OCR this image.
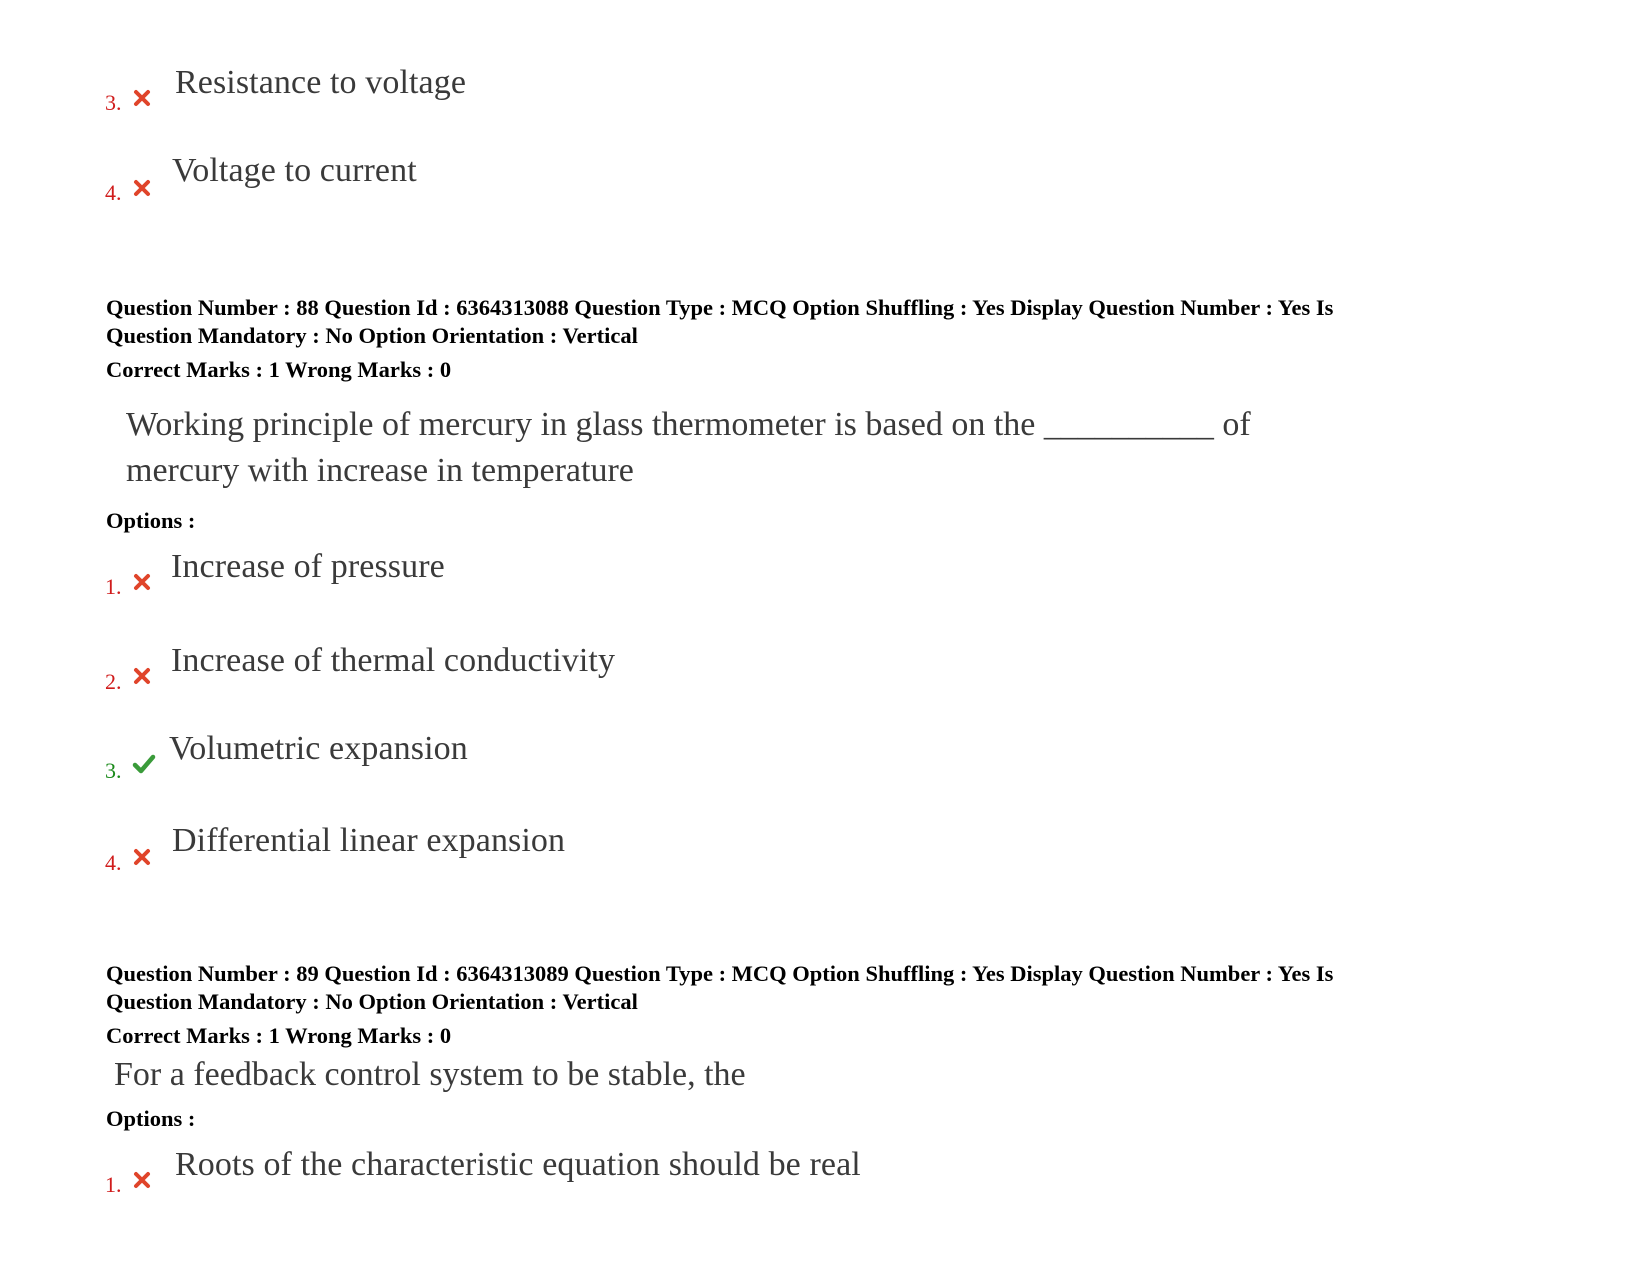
3.
Resistance to voltage
4.
Voltage to current
Question Number : 88 Question Id : 6364313088 Question Type : MCQ Option Shuffling : Yes Display Question Number : Yes Is
Question Mandatory : No Option Orientation : Vertical
Correct Marks : 1 Wrong Marks : 0
Working principle of mercury in glass thermometer is based on the __________ of
mercury with increase in temperature
Options :
1.
Increase of pressure
2.
Increase of thermal conductivity
3.
Volumetric expansion
4.
Differential linear expansion
Question Number : 89 Question Id : 6364313089 Question Type : MCQ Option Shuffling : Yes Display Question Number : Yes Is
Question Mandatory : No Option Orientation : Vertical
Correct Marks : 1 Wrong Marks : 0
For a feedback control system to be stable, the
Options :
1.
Roots of the characteristic equation should be real
